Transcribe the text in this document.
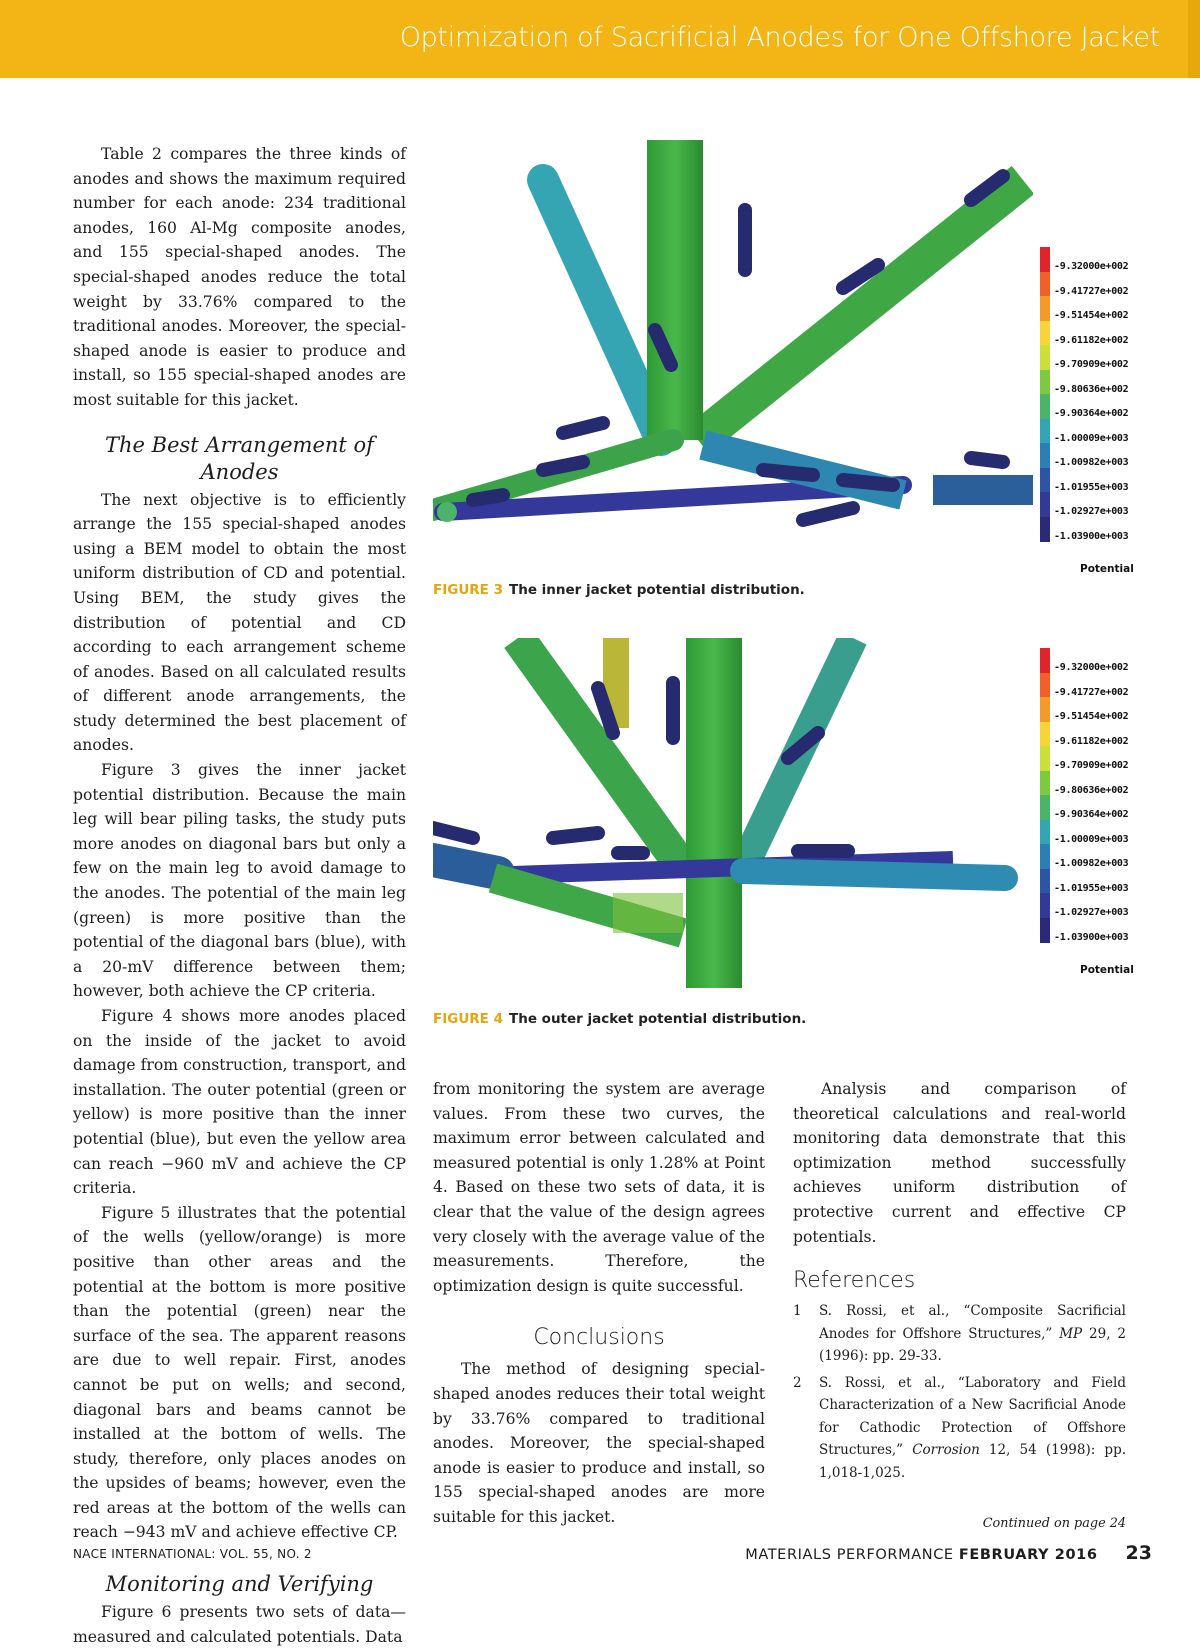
Optimization of Sacrificial Anodes for One Offshore Jacket

Table 2 compares the three kinds of anodes and shows the maximum required number for each anode: 234 traditional anodes, 160 Al-Mg composite anodes, and 155 special-shaped anodes. The special-shaped anodes reduce the total weight by 33.76% compared to the traditional anodes. Moreover, the special-shaped anode is easier to produce and install, so 155 special-shaped anodes are most suitable for this jacket.

The Best Arrangement of Anodes

The next objective is to efficiently arrange the 155 special-shaped anodes using a BEM model to obtain the most uniform distribution of CD and potential. Using BEM, the study gives the distribution of potential and CD according to each arrangement scheme of anodes. Based on all calculated results of different anode arrangements, the study determined the best placement of anodes.

Figure 3 gives the inner jacket potential distribution. Because the main leg will bear piling tasks, the study puts more anodes on diagonal bars but only a few on the main leg to avoid damage to the anodes. The potential of the main leg (green) is more positive than the potential of the diagonal bars (blue), with a 20-mV difference between them; however, both achieve the CP criteria.

Figure 4 shows more anodes placed on the inside of the jacket to avoid damage from construction, transport, and installation. The outer potential (green or yellow) is more positive than the inner potential (blue), but even the yellow area can reach −960 mV and achieve the CP criteria.

Figure 5 illustrates that the potential of the wells (yellow/orange) is more positive than other areas and the potential at the bottom is more positive than the potential (green) near the surface of the sea. The apparent reasons are due to well repair. First, anodes cannot be put on wells; and second, diagonal bars and beams cannot be installed at the bottom of wells. The study, therefore, only places anodes on the upsides of beams; however, even the red areas at the bottom of the wells can reach −943 mV and achieve effective CP.

Monitoring and Verifying

Figure 6 presents two sets of data—measured and calculated potentials. Data

FIGURE 3 The inner jacket potential distribution.
FIGURE 4 The outer jacket potential distribution.
-9.32000e+002
-9.41727e+002
-9.51454e+002
-9.61182e+002
-9.70909e+002
-9.80636e+002
-9.90364e+002
-1.00009e+003
-1.00982e+003
-1.01955e+003
-1.02927e+003
-1.03900e+003
Potential
-9.32000e+002
-9.41727e+002
-9.51454e+002
-9.61182e+002
-9.70909e+002
-9.80636e+002
-9.90364e+002
-1.00009e+003
-1.00982e+003
-1.01955e+003
-1.02927e+003
-1.03900e+003
Potential

from monitoring the system are average values. From these two curves, the maximum error between calculated and measured potential is only 1.28% at Point 4. Based on these two sets of data, it is clear that the value of the design agrees very closely with the average value of the measurements. Therefore, the optimization design is quite successful.

Conclusions

The method of designing special-shaped anodes reduces their total weight by 33.76% compared to traditional anodes. Moreover, the special-shaped anode is easier to produce and install, so 155 special-shaped anodes are more suitable for this jacket.

Analysis and comparison of theoretical calculations and real-world monitoring data demonstrate that this optimization method successfully achieves uniform distribution of protective current and effective CP potentials.

References
1 S. Rossi, et al., “Composite Sacrificial Anodes for Offshore Structures,” MP 29, 2 (1996): pp. 29-33.
2 S. Rossi, et al., “Laboratory and Field Characterization of a New Sacrificial Anode for Cathodic Protection of Offshore Structures,” Corrosion 12, 54 (1998): pp. 1,018-1,025.
Continued on page 24
NACE INTERNATIONAL: VOL. 55, NO. 2	MATERIALS PERFORMANCE FEBRUARY 2016 23
